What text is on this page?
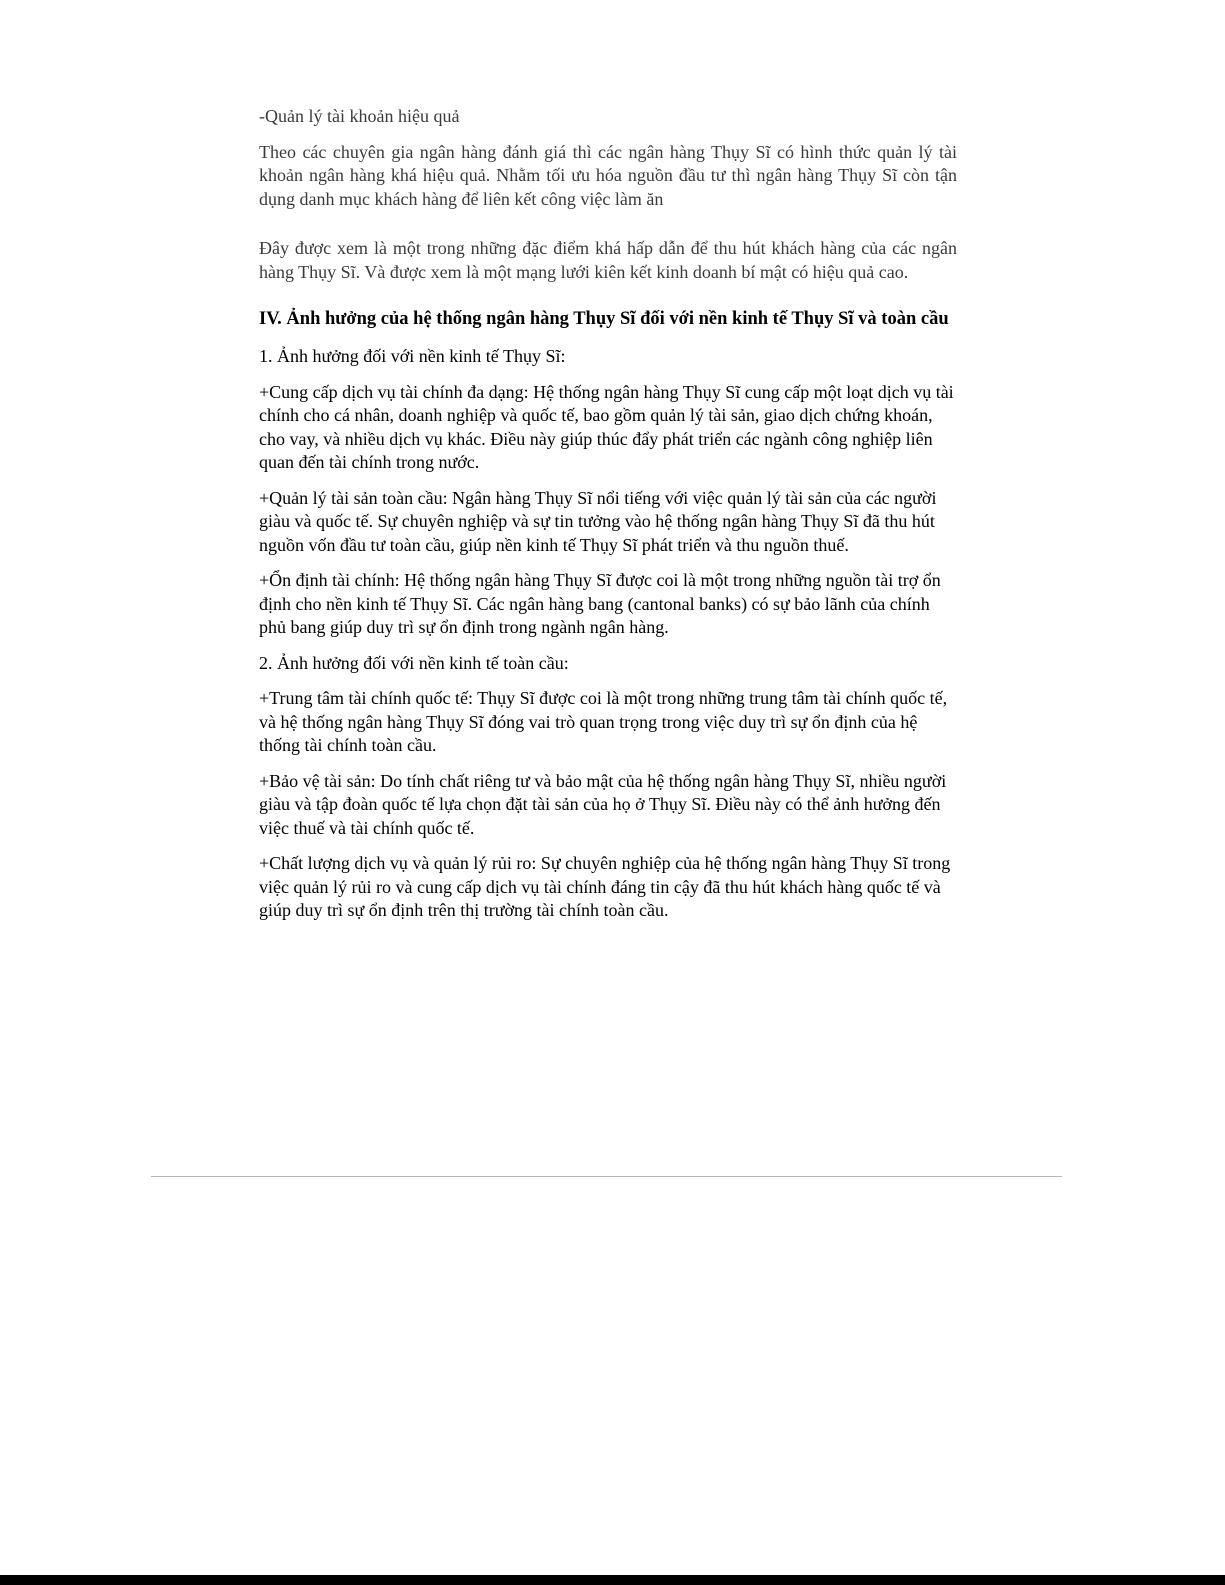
-Quản lý tài khoản hiệu quả

Theo các chuyên gia ngân hàng đánh giá thì các ngân hàng Thụy Sĩ có hình thức quản lý tài khoản ngân hàng khá hiệu quả. Nhằm tối ưu hóa nguồn đầu tư thì ngân hàng Thụy Sĩ còn tận dụng danh mục khách hàng để liên kết công việc làm ăn

Đây được xem là một trong những đặc điểm khá hấp dẫn để thu hút khách hàng của các ngân hàng Thụy Sĩ. Và được xem là một mạng lưới kiên kết kinh doanh bí mật có hiệu quả cao.

IV. Ảnh hưởng của hệ thống ngân hàng Thụy Sĩ đối với nền kinh tế Thụy Sĩ và toàn cầu

1. Ảnh hưởng đối với nền kinh tế Thụy Sĩ:

+Cung cấp dịch vụ tài chính đa dạng: Hệ thống ngân hàng Thụy Sĩ cung cấp một loạt dịch vụ tài chính cho cá nhân, doanh nghiệp và quốc tế, bao gồm quản lý tài sản, giao dịch chứng khoán, cho vay, và nhiều dịch vụ khác. Điều này giúp thúc đẩy phát triển các ngành công nghiệp liên quan đến tài chính trong nước.

+Quản lý tài sản toàn cầu: Ngân hàng Thụy Sĩ nổi tiếng với việc quản lý tài sản của các người giàu và quốc tế. Sự chuyên nghiệp và sự tin tưởng vào hệ thống ngân hàng Thụy Sĩ đã thu hút nguồn vốn đầu tư toàn cầu, giúp nền kinh tế Thụy Sĩ phát triển và thu nguồn thuế.

+Ổn định tài chính: Hệ thống ngân hàng Thụy Sĩ được coi là một trong những nguồn tài trợ ổn định cho nền kinh tế Thụy Sĩ. Các ngân hàng bang (cantonal banks) có sự bảo lãnh của chính phủ bang giúp duy trì sự ổn định trong ngành ngân hàng.

2. Ảnh hưởng đối với nền kinh tế toàn cầu:

+Trung tâm tài chính quốc tế: Thụy Sĩ được coi là một trong những trung tâm tài chính quốc tế, và hệ thống ngân hàng Thụy Sĩ đóng vai trò quan trọng trong việc duy trì sự ổn định của hệ thống tài chính toàn cầu.

+Bảo vệ tài sản: Do tính chất riêng tư và bảo mật của hệ thống ngân hàng Thụy Sĩ, nhiều người giàu và tập đoàn quốc tế lựa chọn đặt tài sản của họ ở Thụy Sĩ. Điều này có thể ảnh hưởng đến việc thuế và tài chính quốc tế.

+Chất lượng dịch vụ và quản lý rủi ro: Sự chuyên nghiệp của hệ thống ngân hàng Thụy Sĩ trong việc quản lý rủi ro và cung cấp dịch vụ tài chính đáng tin cậy đã thu hút khách hàng quốc tế và giúp duy trì sự ổn định trên thị trường tài chính toàn cầu.
